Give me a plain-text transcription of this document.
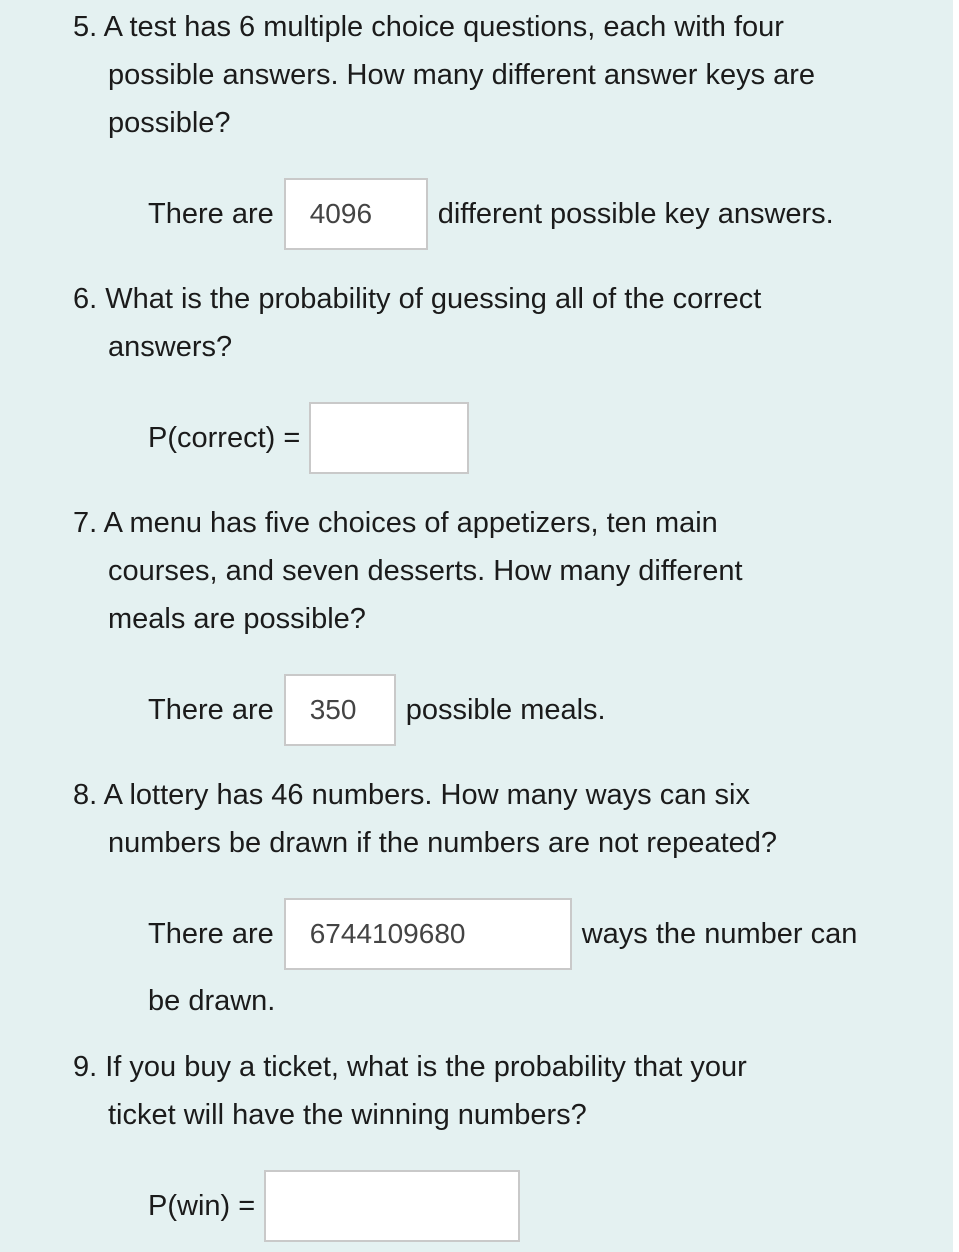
5. A test has 6 multiple choice questions, each with four
possible answers. How many different answer keys are
possible?
There are	4096	different possible key answers.
6. What is the probability of guessing all of the correct
answers?
P(correct) =
7. A menu has five choices of appetizers, ten main
courses, and seven desserts. How many different
meals are possible?
There are	350	possible meals.
8. A lottery has 46 numbers. How many ways can six
numbers be drawn if the numbers are not repeated?
There are	6744109680	ways the number can
be drawn.
9. If you buy a ticket, what is the probability that your
ticket will have the winning numbers?
P(win) =
